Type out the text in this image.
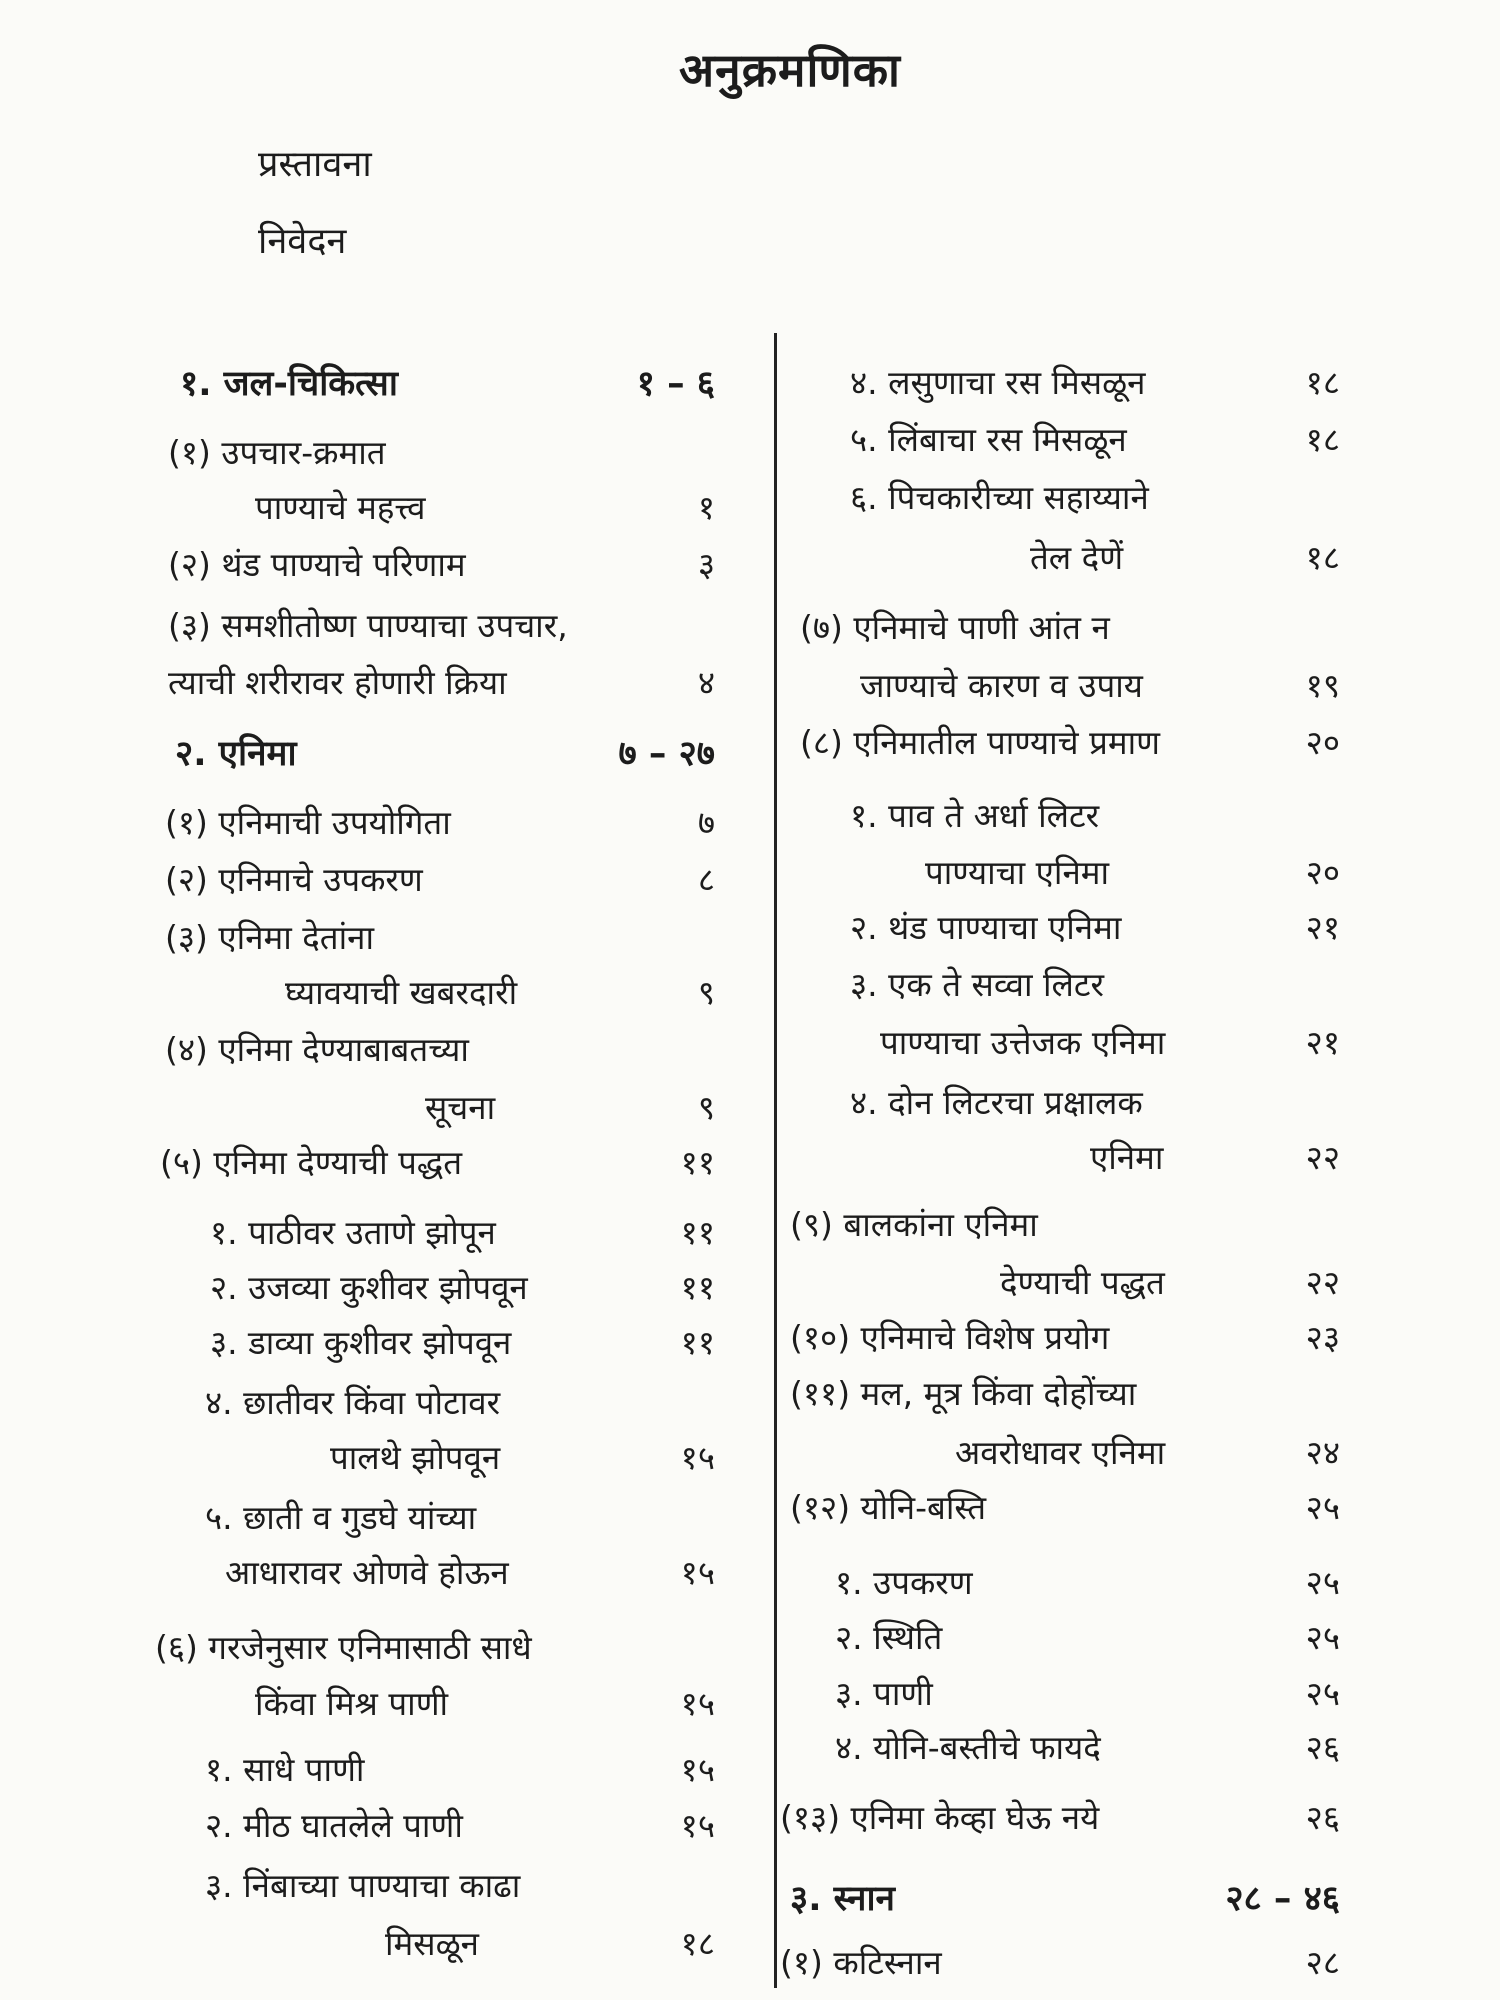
अनुक्रमणिका
प्रस्तावना
निवेदन
१. जल-चिकित्सा	१ – ६
(१) उपचार-क्रमात
पाण्याचे महत्त्व	१
(२) थंड पाण्याचे परिणाम	३
(३) समशीतोष्ण पाण्याचा उपचार,
त्याची शरीरावर होणारी क्रिया	४
२. एनिमा	७ – २७
(१) एनिमाची उपयोगिता	७
(२) एनिमाचे उपकरण	८
(३) एनिमा देतांना
घ्यावयाची खबरदारी	९
(४) एनिमा देण्याबाबतच्या
सूचना	९
(५) एनिमा देण्याची पद्धत	११
१. पाठीवर उताणे झोपून	११
२. उजव्या कुशीवर झोपवून	११
३. डाव्या कुशीवर झोपवून	११
४. छातीवर किंवा पोटावर
पालथे झोपवून	१५
५. छाती व गुडघे यांच्या
आधारावर ओणवे होऊन	१५
(६) गरजेनुसार एनिमासाठी साधे
किंवा मिश्र पाणी	१५
१. साधे पाणी	१५
२. मीठ घातलेले पाणी	१५
३. निंबाच्या पाण्याचा काढा
मिसळून	१८
४. लसुणाचा रस मिसळून	१८
५. लिंबाचा रस मिसळून	१८
६. पिचकारीच्या सहाय्याने
तेल देणें	१८
(७) एनिमाचे पाणी आंत न
जाण्याचे कारण व उपाय	१९
(८) एनिमातील पाण्याचे प्रमाण	२०
१. पाव ते अर्धा लिटर
पाण्याचा एनिमा	२०
२. थंड पाण्याचा एनिमा	२१
३. एक ते सव्वा लिटर
पाण्याचा उत्तेजक एनिमा	२१
४. दोन लिटरचा प्रक्षालक
एनिमा	२२
(९) बालकांना एनिमा
देण्याची पद्धत	२२
(१०) एनिमाचे विशेष प्रयोग	२३
(११) मल, मूत्र किंवा दोहोंच्या
अवरोधावर एनिमा	२४
(१२) योनि-बस्ति	२५
१. उपकरण	२५
२. स्थिति	२५
३. पाणी	२५
४. योनि-बस्तीचे फायदे	२६
(१३) एनिमा केव्हा घेऊ नये	२६
३. स्नान	२८ – ४६
(१) कटिस्नान	२८
